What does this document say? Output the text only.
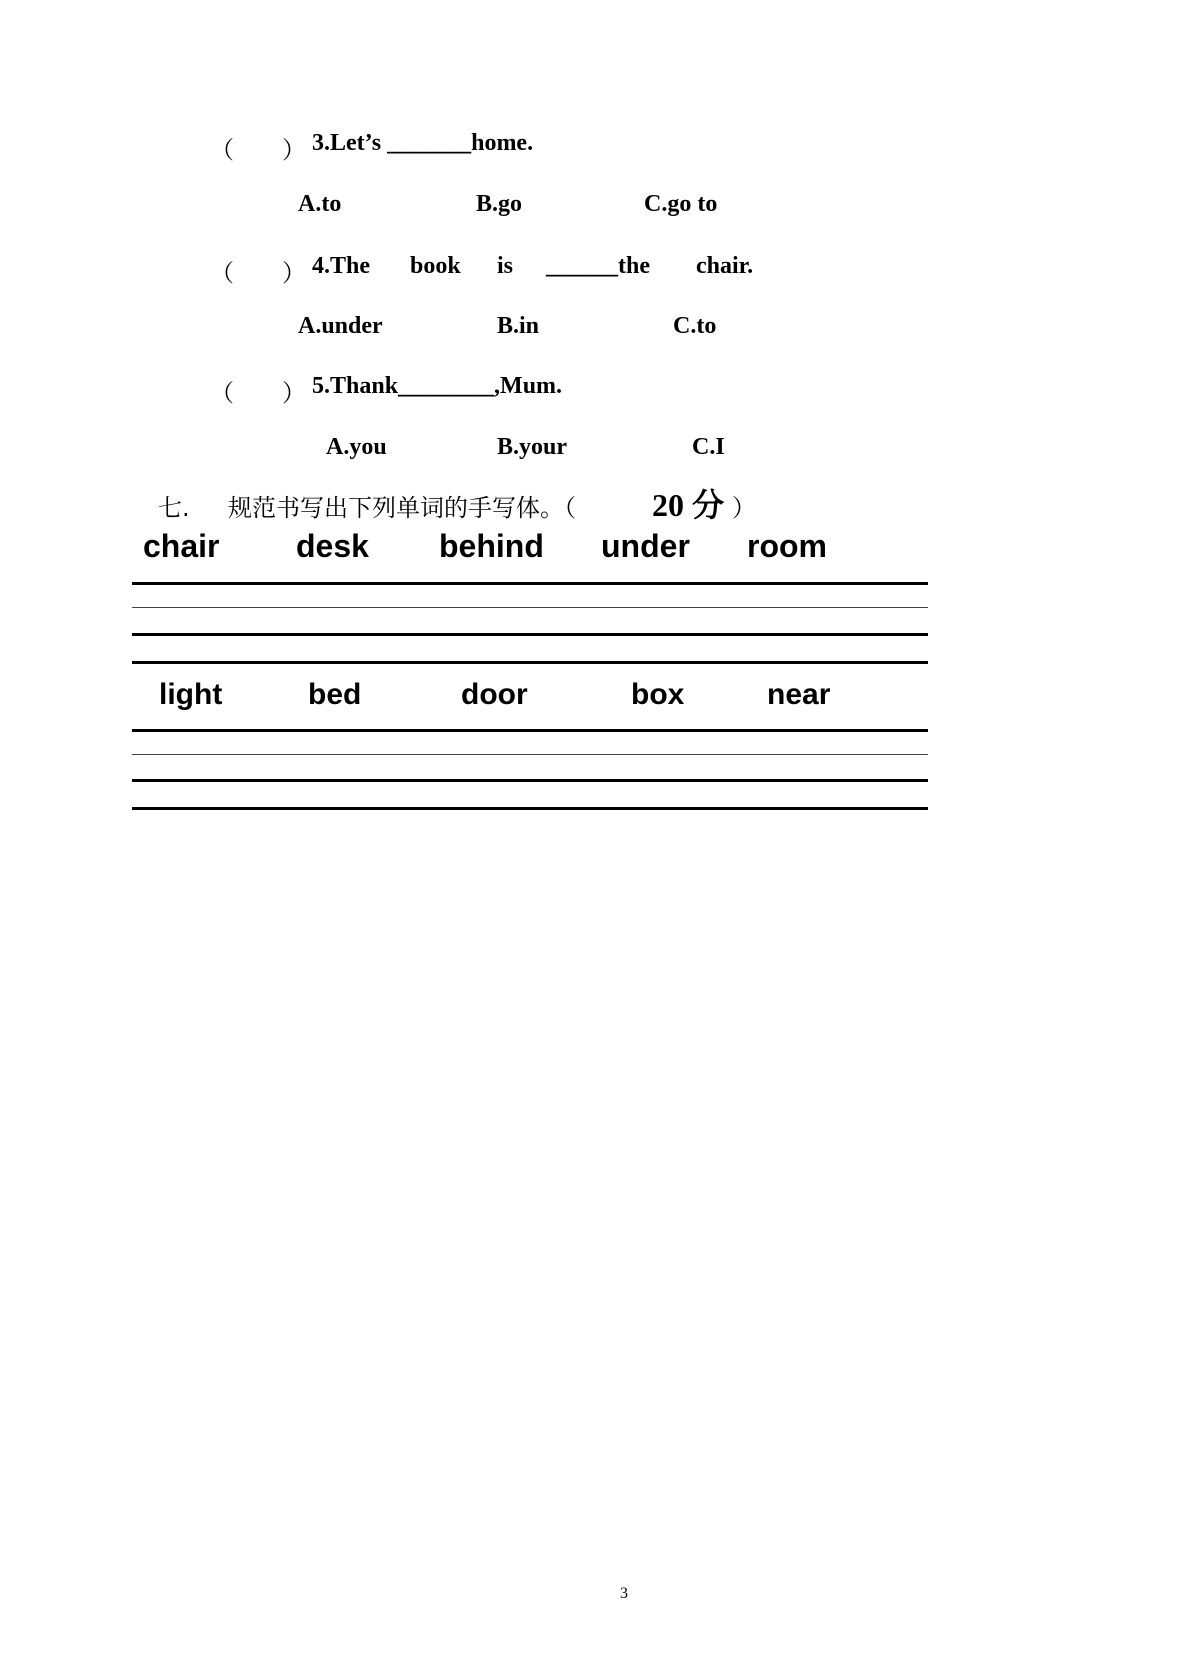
（ ） 3.Let’s _______home.
A.to	B.go	C.go to
（ ） 4.The book is ______the chair.
A.under	B.in	C.to
（ ） 5.Thank________,Mum.
A.you	B.your	C.I
七. 规范书写出下列单词的手写体。（ 20 分 ）
chair desk behind under room
light	bed	door	box	near
3
